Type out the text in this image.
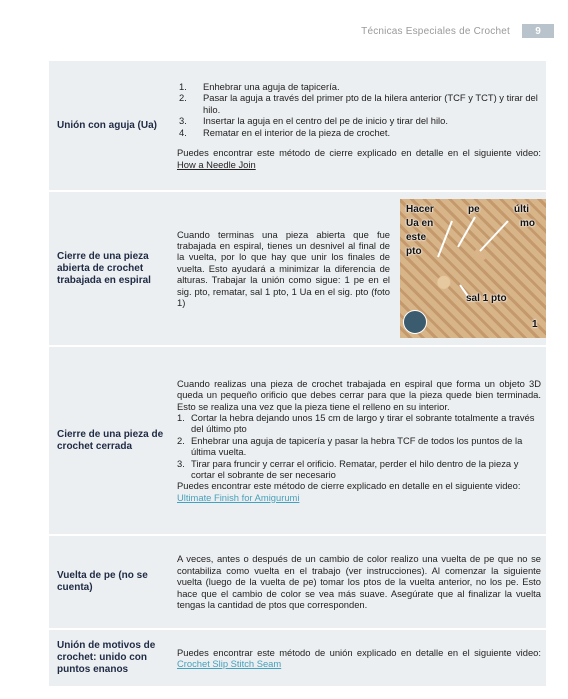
Técnicas Especiales de Crochet	9
Unión con aguja (Ua)
1.	Enhebrar una aguja de tapicería.
2.	Pasar la aguja a través del primer pto de la hilera anterior (TCF y TCT) y tirar del hilo.
3.	Insertar la aguja en el centro del pe de inicio y tirar del hilo.
4.	Rematar en el interior de la pieza de crochet.

Puedes encontrar este método de cierre explicado en detalle en el siguiente video: How a Needle Join

Cierre de una pieza abierta de crochet trabajada en espiral

Cuando terminas una pieza abierta que fue trabajada en espiral, tienes un desnivel al final de la vuelta, por lo que hay que unir los finales de vuelta. Esto ayudará a minimizar la diferencia de alturas. Trabajar la unión como sigue: 1 pe en el sig. pto, rematar, sal 1 pto, 1 Ua en el sig. pto (foto 1)

Hacer	pe	últi
mo
Ua en
este
pto
sal 1 pto
1
Cierre de una pieza de crochet cerrada

Cuando realizas una pieza de crochet trabajada en espiral que forma un objeto 3D queda un pequeño orificio que debes cerrar para que la pieza quede bien terminada. Esto se realiza una vez que la pieza tiene el relleno en su interior.

1. Cortar la hebra dejando unos 15 cm de largo y tirar el sobrante totalmente a través del último pto
2. Enhebrar una aguja de tapicería y pasar la hebra TCF de todos los puntos de la última vuelta.
3. Tirar para fruncir y cerrar el orificio. Rematar, perder el hilo dentro de la pieza y cortar el sobrante de ser necesario

Puedes encontrar este método de cierre explicado en detalle en el siguiente video:

Ultimate Finish for Amigurumi

Vuelta de pe (no se cuenta)

A veces, antes o después de un cambio de color realizo una vuelta de pe que no se contabiliza como vuelta en el trabajo (ver instrucciones). Al comenzar la siguiente vuelta (luego de la vuelta de pe) tomar los ptos de la vuelta anterior, no los pe. Esto hace que el cambio de color se vea más suave. Asegúrate que al finalizar la vuelta tengas la cantidad de ptos que corresponden.

Unión de motivos de crochet: unido con puntos enanos

Puedes encontrar este método de unión explicado en detalle en el siguiente video: Crochet Slip Stitch Seam
